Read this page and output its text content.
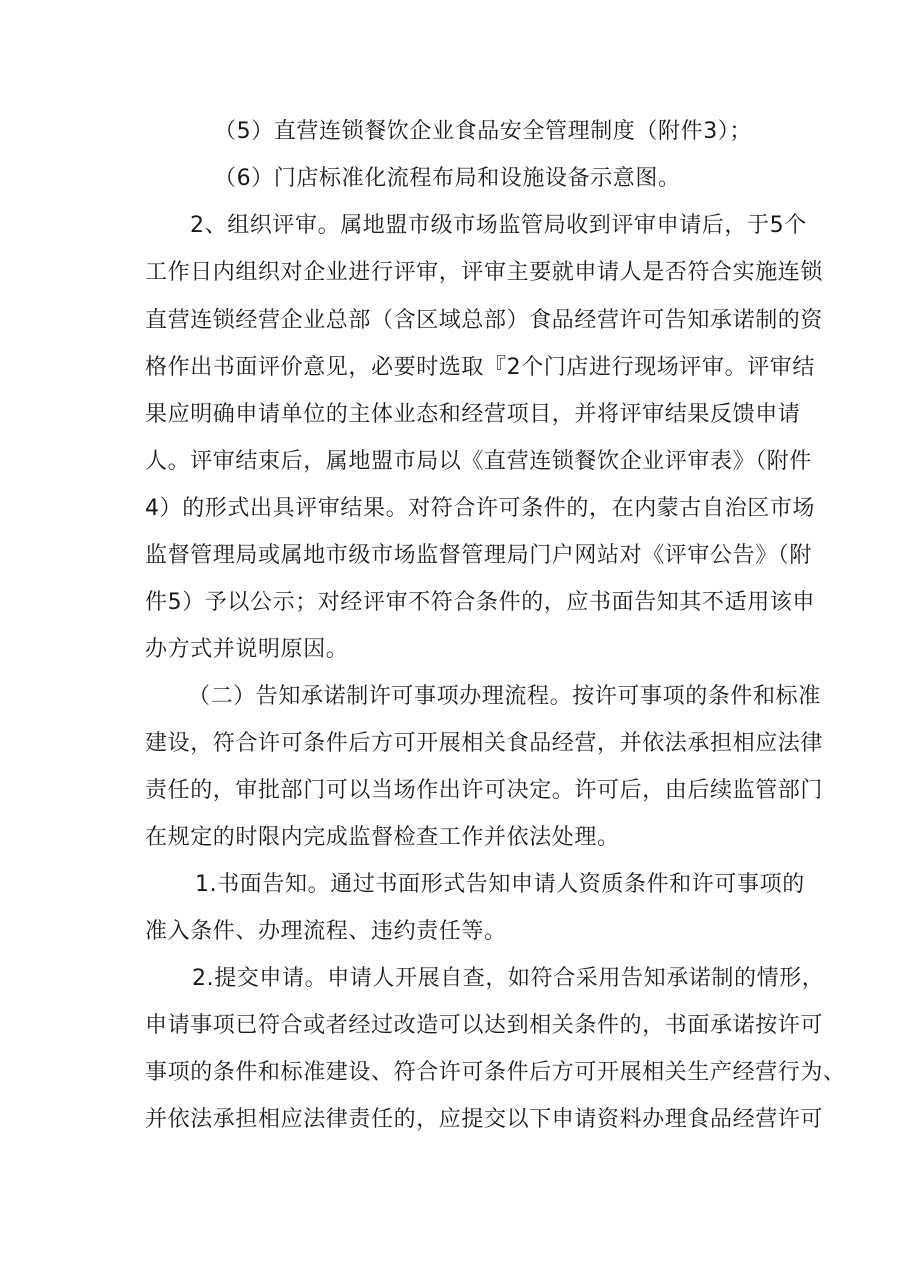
（5）直营连锁餐饮企业食品安全管理制度（附件3）；
（6）门店标准化流程布局和设施设备示意图。
2、组织评审。属地盟市级市场监管局收到评审申请后，于5个
工作日内组织对企业进行评审，评审主要就申请人是否符合实施连锁
直营连锁经营企业总部（含区域总部）食品经营许可告知承诺制的资
格作出书面评价意见，必要时选取『2个门店进行现场评审。评审结
果应明确申请单位的主体业态和经营项目，并将评审结果反馈申请
人。评审结束后，属地盟市局以《直营连锁餐饮企业评审表》（附件
4）的形式出具评审结果。对符合许可条件的，在内蒙古自治区市场
监督管理局或属地市级市场监督管理局门户网站对《评审公告》（附
件5）予以公示；对经评审不符合条件的，应书面告知其不适用该申
办方式并说明原因。
（二）告知承诺制许可事项办理流程。按许可事项的条件和标准
建设，符合许可条件后方可开展相关食品经营，并依法承担相应法律
责任的，审批部门可以当场作出许可决定。许可后，由后续监管部门
在规定的时限内完成监督检查工作并依法处理。
1.书面告知。通过书面形式告知申请人资质条件和许可事项的
准入条件、办理流程、违约责任等。
2.提交申请。申请人开展自查，如符合采用告知承诺制的情形，
申请事项已符合或者经过改造可以达到相关条件的，书面承诺按许可
事项的条件和标准建设、符合许可条件后方可开展相关生产经营行为、
并依法承担相应法律责任的，应提交以下申请资料办理食品经营许可
